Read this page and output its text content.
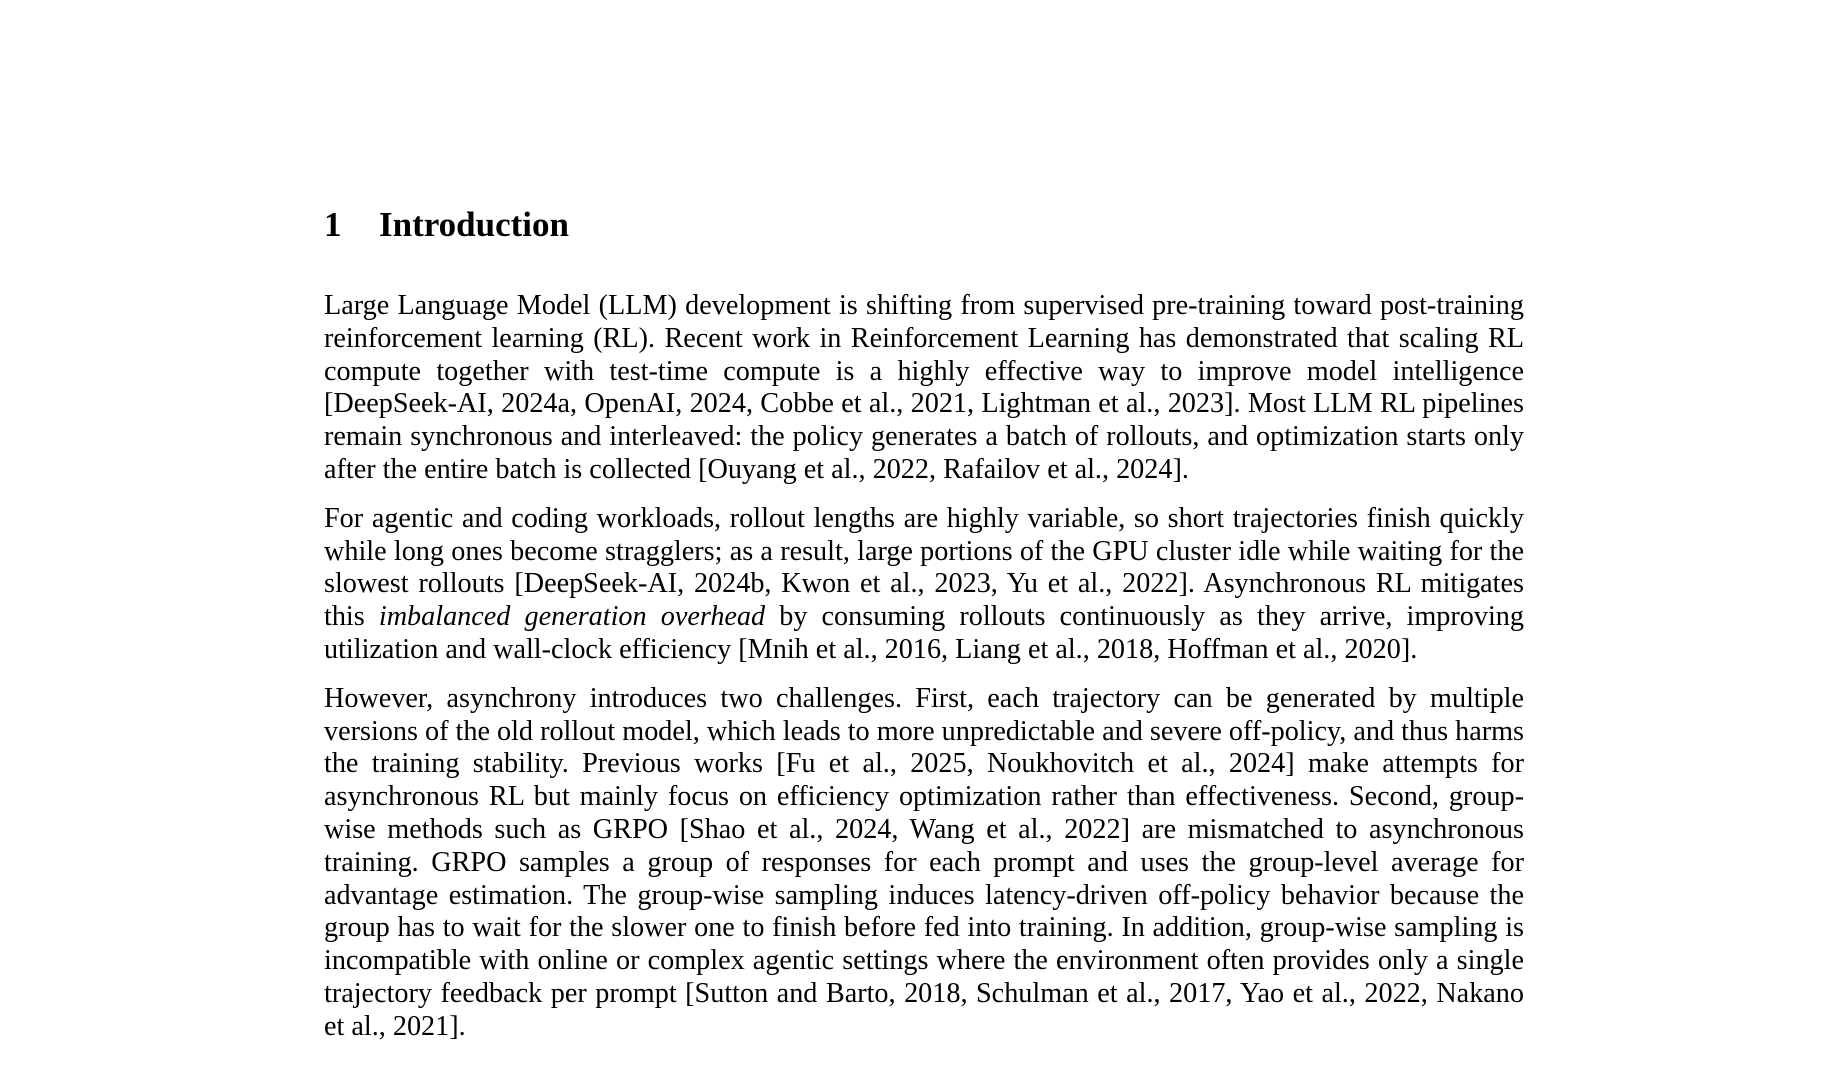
1 Introduction

Large Language Model (LLM) development is shifting from supervised pre-training toward post-training reinforcement learning (RL). Recent work in Reinforcement Learning has demonstrated that scaling RL compute together with test-time compute is a highly effective way to improve model intelligence [DeepSeek-AI, 2024a, OpenAI, 2024, Cobbe et al., 2021, Lightman et al., 2023]. Most LLM RL pipelines remain synchronous and interleaved: the policy generates a batch of rollouts, and optimization starts only after the entire batch is collected [Ouyang et al., 2022, Rafailov et al., 2024].

For agentic and coding workloads, rollout lengths are highly variable, so short trajectories finish quickly while long ones become stragglers; as a result, large portions of the GPU cluster idle while waiting for the slowest rollouts [DeepSeek-AI, 2024b, Kwon et al., 2023, Yu et al., 2022]. Asynchronous RL mitigates this imbalanced generation overhead by consuming rollouts continuously as they arrive, improving utilization and wall-clock efficiency [Mnih et al., 2016, Liang et al., 2018, Hoffman et al., 2020].

However, asynchrony introduces two challenges. First, each trajectory can be generated by multiple versions of the old rollout model, which leads to more unpredictable and severe off-policy, and thus harms the training stability. Previous works [Fu et al., 2025, Noukhovitch et al., 2024] make attempts for asynchronous RL but mainly focus on efficiency optimization rather than effectiveness. Second, group-wise methods such as GRPO [Shao et al., 2024, Wang et al., 2022] are mismatched to asynchronous training. GRPO samples a group of responses for each prompt and uses the group-level average for advantage estimation. The group-wise sampling induces latency-driven off-policy behavior because the group has to wait for the slower one to finish before fed into training. In addition, group-wise sampling is incompatible with online or complex agentic settings where the environment often provides only a single trajectory feedback per prompt [Sutton and Barto, 2018, Schulman et al., 2017, Yao et al., 2022, Nakano et al., 2021].
